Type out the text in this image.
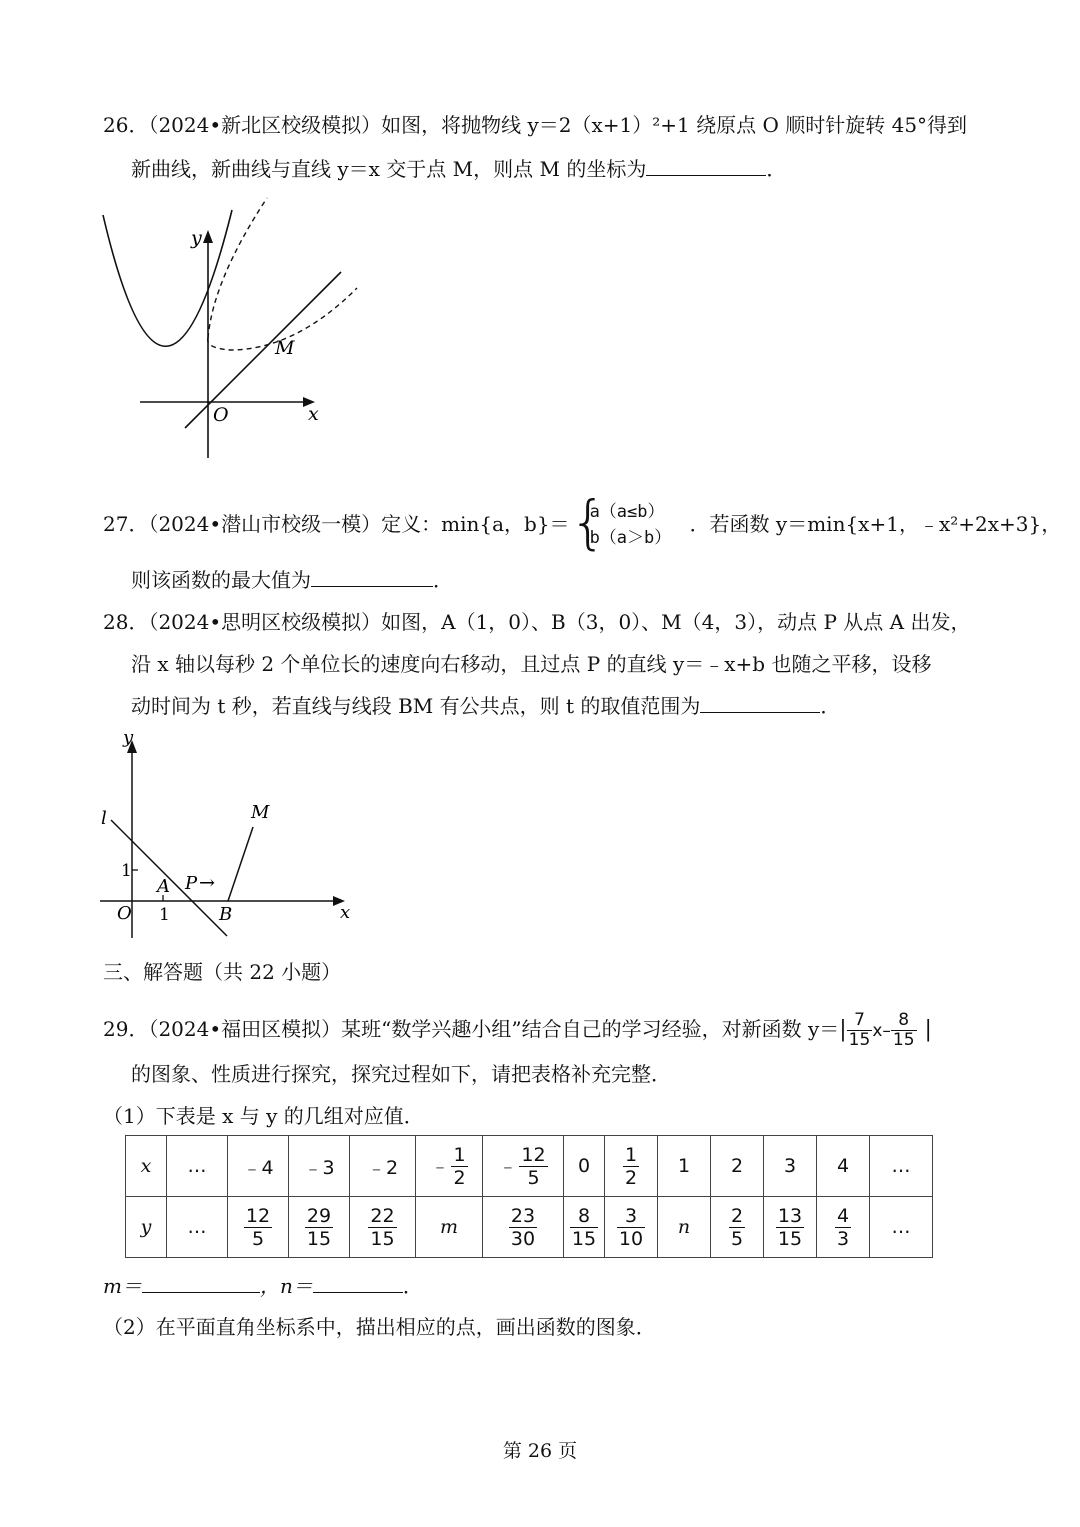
26．（2024•新北区校级模拟）如图，将抛物线 y＝2（x+1）²+1 绕原点 O 顺时针旋转 45°得到
新曲线，新曲线与直线 y＝x 交于点 M，则点 M 的坐标为	．
y
x
O
M
27．（2024•潜山市校级一模）定义：min{a，b}＝ {
a（a≤b）
b（a＞b）
．若函数 y＝min{x+1，﹣x²+2x+3}，
则该函数的最大值为	．
28．（2024•思明区校级模拟）如图，A（1，0）、B（3，0）、M（4，3），动点 P 从点 A 出发，
沿 x 轴以每秒 2 个单位长的速度向右移动，且过点 P 的直线 y＝﹣x+b 也随之平移，设移
动时间为 t 秒，若直线与线段 BM 有公共点，则 t 的取值范围为	．
y
x
l	M
1
1
A P →
O	B
三、解答题（共 22 小题）
29．（2024•福田区模拟）某班“数学兴趣小组”结合自己的学习经验，对新函数 $y=| \frac{7}{15} x- \frac{8}{15}$ |
的图象、性质进行探究，探究过程如下，请把表格补充完整．
（1）下表是 x 与 y 的几组对应值．
x	…	﹣4	﹣3	﹣2	﹣ $\frac{1}{2}$	﹣ $\frac{12}{5}$	0	$\frac{1}{2}$	1	2	3	4	…
y	…	$\frac{12}{5}$	$\frac{29}{15}$	$\frac{22}{15}$	m	$\frac{23}{30}$	$\frac{8}{15}$	$\frac{3}{10}$	n	$\frac{2}{5}$	$\frac{13}{15}$	$\frac{4}{3}$	…
m＝	，n＝	．
（2）在平面直角坐标系中，描出相应的点，画出函数的图象．
第 26 页
